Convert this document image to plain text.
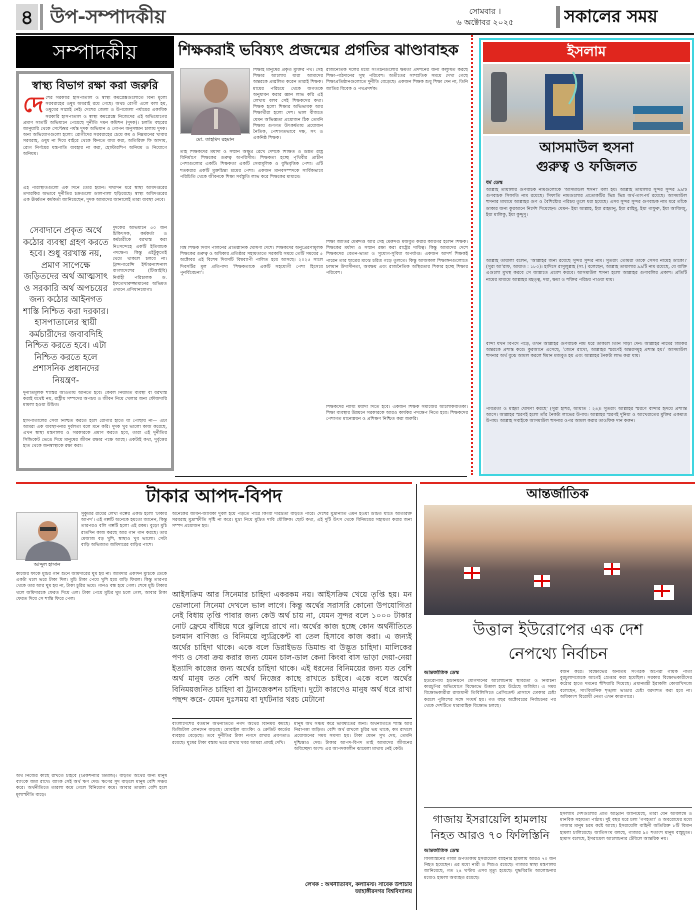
৪ উপ-সম্পাদকীয়	সোমবার ।
৬ অক্টোবর ২০২৫	সকালের সময়
সম্পাদকীয়
স্বাস্থ্য বিভাগ রক্ষা করা জরুরি
দেশের সরকারি হাসপাতাল ও স্বাস্থ্য কমপ্লেক্সগুলোতে বিনা মূল্যে সরবরাহের ওষুধ অধরাই রয়ে গেছে। অথচ রোগী এলে বলা হয়, ওষুধের সাপ্লাই নেই। দেশের জেলা ও উপজেলা পর্যায়ের একাধিক সরকারি হাসপাতাল ও স্বাস্থ্য কমপ্লেক্সে নিজেদের এই অভিযোগের প্রমাণ সাতটি অভিযানে পেয়েছে দুর্নীতি দমন কমিশন (দুদক)। চলতি বছরের জানুয়ারি থেকে সেপ্টেম্বর পর্যন্ত দুদক অভিযান ও গোপন অনুসন্ধান চালায় দুদক। অন্য অভিযোগগুলো হলো: রোগীদের সরবরাহের চেয়ে কম ও নিম্নমানের খাবার সরবরাহ, ওষুধ না দিয়ে বাইরে থেকে কিনতে বাধ্য করা, অতিরিক্ত ফি আদায়, রোগ নির্ণয়ের যন্ত্রপাতি ব্যবহার না করা, হোস্টারশিপ অনিয়ম ও নিয়োগে অনিয়ম।
এই পরিস্থিতিগুলো এক দিনে তৈরি হয়নি। দীর্ঘদিন ধরে স্বাস্থ্য অধিদপ্তরের তদারকির অভাবে দুর্নীতির চক্রগুলো ডালপালা ছড়িয়েছে। স্বাস্থ্য অধিদপ্তরের এক ঊর্ধ্বতন কর্মকর্তা জানিয়েছেন, দুদক আমাদের জানালেই তারা ব্যবস্থা নেবে।
সেবাদানে প্রকৃত অর্থে কঠোর ব্যবস্থা গ্রহণ করতে হবে। শুধু বরখাস্ত নয়, প্রমাণ সাপেক্ষে জড়িতদের অর্থ আত্মসাৎ ও সরকারি অর্থ অপচয়ের জন্য কঠোর আইনগত শাস্তি নিশ্চিত করা দরকার। হাসপাতালের স্থায়ী কর্মচারীদের জবাবদিহি নিশ্চিত করতে হবে। এটা নিশ্চিত করতে হলে প্রশাসনিক প্রধানদের নিয়ন্ত্রণ-
দুদকের অভিযানে ৫০ জন চিকিৎসক, কর্মকর্তা ও কর্মচারীকে বরখাস্ত করা নিঃসন্দেহে একটি ইতিবাচক পদক্ষেপ। কিন্তু এইটুকুতেই থেমে থাকলে চলবে না। ট্রান্সপারেন্সি ইন্টারন্যাশনাল বাংলাদেশের (টিআইবি) নির্বাহী পরিচালক ড. ইফতেখারুজ্জামানের অভিমত এখানে প্রণিধানযোগ্য।
দুর্নীতিমূলক শাস্তির আওতায় আনতে হবে। কেবল নিয়মিত ব্যবস্থা বা বরখাস্ত করাই যথেষ্ট নয়, রাষ্ট্রীয় সম্পদের অপচয় ও জীবন নিয়ে খেলার জন্য ফৌজদারি মামলা হওয়া উচিত।
হাসপাতালের সেবা নিশ্চিত করতে হলে রোগীর হাতে যা পৌঁছায় না— এটা আমরা এক ব্যবস্থাপনার দুর্বলতা বলে মনে করি। দুদক খুব ভালো কাজ করেছে, এখন স্বাস্থ্য মন্ত্রণালয় ও সরকারকে প্রমাণ করতে হবে, তারা এই দুর্নীতির সিন্ডিকেট ভেঙে দিয়ে মানুষের জীবন রক্ষার পক্ষে আছে। একটাই কথা, দুর্বৃত্তের হাত থেকে জনস্বাস্থ্যকে রক্ষা করা।
শিক্ষকরাই ভবিষ্যৎ প্রজন্মের প্রগতির ঝাণ্ডাবাহক
মো. তাহমিদ রহমান
শিক্ষাই মানুষের প্রকৃত মুক্তির পথ। সেই শিক্ষার আলোয় যারা আমাদের অন্তরকে প্রজ্বলিত করেন তারাই শিক্ষক। মায়ের পরিচয়ে থেকে জগতকে অনুধাবন করার জ্ঞান লাভ করি এই লেখায় বলব সেই শিক্ষকদের কথা। শিক্ষক হলো শিক্ষার অভিভাবক আর শিক্ষার্থীরা হলো দেশ। ভাল বীজতে যেমন অভিজ্ঞতা প্রয়োজন ঠিক তেমনি শিক্ষায় গুণগত উৎকর্ষতায় প্রয়োজন নৈতিক, পেশাগতভাবে দক্ষ, সৎ ও একনিষ্ঠ শিক্ষক।
তাই শিক্ষকদের মর্যাদা ও সম্মান অক্ষুণ্ণ রেখে দেশকে শিক্ষিত ও উন্নত রাষ্ট্র বিনির্মাণে শিক্ষকের গুরুত্ব অপরিসীম। শিক্ষকতা হচ্ছে পৃথিবীর প্রাচীন পেশাগুলোর একটি। শিক্ষকতা একটি সেবামূলিক ও বুদ্ধিবৃত্তিক পেশা। এটি শতকরার একটি মুক্তচিন্তা শ্রমের পেশা। একজন মানবসম্পদকে সার্বিকভাবে পরিচিতি থেকে জীবনকে শিক্ষা সর্বস্তুতি লাভ করে শিক্ষকের মাধ্যমে।
বিশ্ব শিক্ষক দিবস পালনের প্রতিষ্ঠানিক ঘোষণা দেশে। শিক্ষকদের অনুপ্রেরণামূলক শিক্ষকের গুরুত্ব ও অধিকার প্রতিষ্ঠার সহায়তাতে সরকারি সময়ে তেটি সময়ের ৫ অক্টোবর এই বিশেষ দিবসটি বিশ্বব্যাপী পালিত হয়ে আসছে। ২০২৫ সালে দিবসটির মূল প্রতিপাদ্য 'শিক্ষকতাকে একটি সহযোগী পেশা হিসেবে পুনর্বিবেচনা'।
রাজনৈতিক দলের মধ্যে সংগঠনগুলোর ক্ষমতা প্রদর্শনের জন্য কলুষিত করছে শিক্ষা-পাঠদানের সুস্থ পরিবেশ। অতীতের সাম্প্রতিক সময়ে দেখা গেছে শিক্ষাপ্রতিষ্ঠানগুলোতে দুর্নীতি বেড়েছে। একজন শিক্ষক শুধু শিক্ষা দেন না, তিনি জাতির বিবেক ও পথপ্রদর্শক।
শিক্ষা জাতির মেরুদণ্ড আর সেই মেরুদণ্ড মজবুত করার কারিগর হলেন শিক্ষক। শিক্ষকের মর্যাদা ও সম্মান রক্ষা করা রাষ্ট্রের দায়িত্ব। কিন্তু আমাদের দেশে শিক্ষকদের বেতন-ভাতা ও সুযোগ-সুবিধা অপর্যাপ্ত। একজন আদর্শ শিক্ষকই পারেন তার ছাত্রের মাঝে চরিত্র গড়ে তুলতে। কিন্তু আজকাল শিক্ষাঙ্গনগুলোতে চলমান উদাসীনতা, অবক্ষয় এবং রাজনৈতিক অস্থিরতার শিকার হচ্ছে শিক্ষার পরিবেশ।
শিক্ষকদের ন্যায্য মর্যাদা দিতে হবে। একজন শিক্ষক সমাজের আলোকবর্তিকা। শিক্ষা ব্যবস্থার উন্নয়নে সরকারকে আরও কার্যকর পদক্ষেপ নিতে হবে। শিক্ষকদের পেশাগত মানোন্নয়ন ও প্রশিক্ষণ নিশ্চিত করা জরুরি।
ইসলাম
আসমাউল হুসনা
গুরুত্ব ও ফজিলত
ধর্ম ডেস্ক
আল্লাহ তায়ালার গুণবাচক নামগুলোকে 'আসমাউল হুসনা' বলা হয়। আল্লাহ তায়ালার সুন্দর সুন্দর ৯৯টি গুণবাচক সিফাতি নাম রয়েছে। সিফাতি নামগুলোর প্রত্যেকটির ভিন্ন ভিন্ন অর্থ-তাৎপর্য রয়েছে। আসমাউল হুসনার মাধ্যমে আল্লাহর গুণ ও বৈশিষ্ট্যের পরিচয় তুলে ধরা হয়েছে। এসব সুন্দর সুন্দর গুণবাচক নাম ধরে তাঁকে ডাকার জন্য কুরআনে নির্দেশ দিয়েছেন। যেমন- ইয়া আল্লাহ, ইয়া রাহমানু, ইয়া রাহিমু, ইয়া গাফুরু, ইয়া আজিজু, ইয়া মালিকু, ইয়া কুদ্দুসু।
আল্লাহ তায়ালা বলেন, 'আল্লাহর জন্য রয়েছে সুন্দর সুন্দর নাম। সুতরাং তোমরা তাঁকে সেসব নামেই ডাকো।' (সুরা আ'রাফ, আয়াত : ১৮০)। হাদিসে রাসুলুল্লাহ (সা.) বলেছেন, আল্লাহ তায়ালার ৯৯টি নাম রয়েছে, যে ব্যক্তি এগুলো মুখস্থ করবে সে জান্নাতে প্রবেশ করবে। আসমাউল হুসনা হলো আল্লাহর গুণাবলির প্রকাশ। প্রতিটি নামের মাধ্যমে আল্লাহর মহত্ত্ব, দয়া, ক্ষমা ও শক্তির পরিচয় পাওয়া যায়।
বান্দা যখন বিপদে পড়ে, তখন আল্লাহর গুণবাচক নাম ধরে ডাকলে তিনি সাড়া দেন। আল্লাহর নামের জিকির অন্তরকে প্রশান্ত করে। কুরআনে এসেছে, 'জেনে রাখো, আল্লাহর স্মরণেই অন্তরসমূহ প্রশান্ত হয়।' আসমাউল হুসনার অর্থ বুঝে আমল করলে ঈমান মজবুত হয় এবং আল্লাহর নৈকট্য লাভ করা যায়।
পবিত্রতা ও মহিমা ঘোষণা করছে' (সুরা হাশর, আয়াত : ২৪)। সুতরাং আল্লাহর স্মরণে বান্দার হৃদয়ে প্রশান্তি আসে। আল্লাহর স্মরণই হলো তাঁর নৈকট্য লাভের উপায়। আল্লাহর স্মরণই দুনিয়া ও আখেরাতের মুক্তির একমাত্র উপায়। আল্লাহ সবাইকে আসমাউল হুসনার ওপর আমল করার তাওফিক দান করুন।
টাকার আপদ-বিপদ
আব্দুল হাসান
সুকুমার রায়ের লেখা গল্পের একটি হলো 'টাকার আপদ'। এই গল্পটি অনেকে হয়তো জানেন, কিন্তু তারপরও বলি গল্পটি হলো এই রকম। বুড়ো মুচি রাতদিন কাজ করছে আর গান গান করছে। তার মেজাজ বড় খুশি, স্বাস্থ্যও খুব ভালো। সেটা বাড়ি অভিজাত জমিদারের বাড়ির পাশে।
কাজের ফাঁকে মুচির গান শুনে জমিদারের ঘুম হয় না। জমিদার একদিন মুচিকে ডেকে একটা থলে ভরে টাকা দিল। মুচি টাকা পেয়ে খুশি হয়ে বাড়ি ফিরল। কিন্তু তারপর থেকে তার আর ঘুম হয় না, টাকা চুরির ভয়ে। গানও বন্ধ হয়ে গেল। শেষে মুচি টাকার থলে জমিদারকে ফেরত দিয়ে এল। টাকা পেয়ে মুচির ঘুম চলে গেল, আবার টাকা ফেরত দিয়ে সে শান্তি ফিরে পেল।
অনেকের জীবন-জীবিকা দুর্বল হয়ে পড়তে পারে কিংবা দরিদ্রতা বাড়তে পারে। দেশের মুদ্রানীতি এমন হওয়া উচিত যাতে অতিরিক্ত সরবরাহ মুদ্রাস্ফীতি সৃষ্টি না করে। মুদ্রা নিয়ে মুদ্রিত দাবি যৌক্তিক। ছোট কথা, এই দুটি উৎস থেকে বিনিময়ের সহায়তা করার জন্য সম্পদ প্রয়োজন হয়।
আইসক্রিম আর সিনেমার চাহিদা একরকম নয়। আইসক্রিম খেয়ে তৃপ্তি হয়। মন ভোলানো সিনেমা দেখলে ভাল লাগে। কিন্তু অর্থের সরাসরি কোনো উপযোগিতা নেই বিধায় তৃপ্তি পাবার জন্য কেউ অর্থ চায় না, যেমন সুন্দর বলে ১০০০ টাকার নোট ফ্রেমে বাঁধিয়ে ঘরে ঝুলিয়ে রাখে না। অর্থের কাজ হচ্ছে কোন অর্থনীতিতে চলমান বাণিজ্য ও বিনিময়ে ল্যুব্রিকেন্ট বা তেল হিসাবে কাজ করা। এ জন্যই অর্থের চাহিদা থাকে। একে বলে ডিরাইভড ডিমান্ড বা উদ্ভূত চাহিদা। মালিকের পণ্য ও সেবা ক্রয় করার জন্য যেমন চাল-ডাল কেনা কিংবা বাস ভাড়া দেয়া-নেয়া ইত্যাদি কাজের জন্য অর্থের চাহিদা থাকে। এই ধরনের বিনিময়ের জন্য যত বেশি অর্থ মানুষ তত বেশি অর্থ নিজের কাছে রাখতে চাইবে। একে বলে অর্থের বিনিময়জনিত চাহিদা বা ট্রানজেকশন চাহিদা। দুটো কারণেও মানুষ অর্থ ধরে রাখা পছন্দ করে- যেমন দুঃসময় বা দুর্ঘটনার খরচ মেটানো
অর্থ নিজের কাছে রাখতে চাইবে (প্রিকশনারি ডিমান্ড)। বাড়তি অর্থের জন্য মানুষ ব্যাংকে জমা রাখে। ব্যাংক সেই অর্থ ঋণ দেয়। ঋণের সুদ বাড়লে মানুষ বেশি সঞ্চয় করে। অর্থনীতিতে তারল্য কমে গেলে বিনিয়োগ কমে। আবার তারল্য বেশি হলে মূল্যস্ফীতি বাড়ে।
বাংলাদেশের বর্তমান অর্থনীতিতে নগদ অর্থের বিনিময় কমছে। ডিজিটাল লেনদেন বাড়ছে। মোবাইল ব্যাংকিং ও ক্রেডিট কার্ডের ব্যবহার বেড়েছে। তবে দুর্নীতির টাকা নগদে রাখার প্রবণতাও রয়েছে। ঘুষের টাকা বস্তায় ভরে রাখার খবর আমরা প্রায়ই দেখি।
মানুষ অর্থ সঞ্চয় করে ভবিষ্যতের জন্য। অর্থনীতিতে শান্তি আর নিরাপত্তা জড়িত। বেশি অর্থ রাখলে চুরির ভয় থাকে, কম রাখলে প্রয়োজনের সময় সমস্যা হয়। টাকা যেমন সুখ দেয়, তেমনি দুশ্চিন্তাও দেয়। টাকার আপদ-বিপদ তাই আমাদের জীবনের অবিচ্ছেদ্য অংশ। এর আপদকালীন ঝামেলা মাথায় নেই কেউ।
লেখক : অর্থনীতিবিদ, কলামিস্ট। সাবেক উপাচার্য জাহাঙ্গীরনগর বিশ্ববিদ্যালয়
আন্তর্জাতিক
উত্তাল ইউরোপের এক দেশ
নেপথ্যে নির্বাচন
আন্তর্জাতিক ডেস্ক
ইউরোপীয় ইউনিয়নে যোগদানের আলোচনায় স্থবিরতা ও নির্বাচনী কারচুপির অভিযোগে বিক্ষোভে উত্তাল হয়ে উঠেছে জর্জিয়া। এ সময় বিক্ষোভকারীরা রাজধানী তিবিলিসিতে প্রেসিডেন্ট প্রাসাদে ঢোকার চেষ্টা করলে পুলিশের সঙ্গে সংঘর্ষ হয়। গত বছর অক্টোবরের নির্বাচনের পর থেকে দেশটিতে ধারাবাহিক বিক্ষোভ চলছে।
বর্জন করে। বিক্ষোভের অন্যতম সংগঠক অপেরা গায়ক পাতা বুরচুলাদজেকে আগেই গ্রেপ্তার করা হয়েছিল। সরকার বিক্ষোভকারীদের কঠোর হাতে দমনের হুঁশিয়ারি দিয়েছে। প্রধানমন্ত্রী ইরাকলি কোবাখিদজে বলেছেন, সাংবিধানিক শৃঙ্খলা ভাঙার চেষ্টা বরদাশত করা হবে না। অধিকাংশ বিরোধী নেতা এখন কারাগারে।
গাজায় ইসরায়েলি হামলায়
নিহত আরও ৭০ ফিলিস্তিনি
আন্তর্জাতিক ডেস্ক
ফিলিস্তিনের গাজা উপত্যকায় ইসরায়েলি বাহিনীর হামলায় আরও ৭০ জন নিহত হয়েছেন। এর মধ্যে নারী ও শিশুও রয়েছে। গাজার স্বাস্থ্য মন্ত্রণালয় জানিয়েছে, গত ২৪ ঘণ্টায় এসব মৃত্যু হয়েছে। যুদ্ধবিরতি আলোচনার মধ্যেও হামলা অব্যাহত রয়েছে।
ইসলামি দেশগুলোর প্রতি আহ্বান জানিয়েছে, তারা যেন অবিলম্বে ও মানবিক সহায়তা পাঠায়। দুই বছর ধরে চলা 'গণহত্যা' ও অবরোধের মধ্যে গাজার মানুষ চরম কষ্টে আছে। ইসরায়েলি বাহিনী অতিরিক্ত ৮টি বিমান হামলা চালিয়েছে। জাতিসংঘ বলছে, গাজার ৯০ শতাংশ মানুষ বাস্তুচ্যুত। হামাস বলেছে, ইসরায়েল আলোচনার টেবিলে আন্তরিক নয়।
